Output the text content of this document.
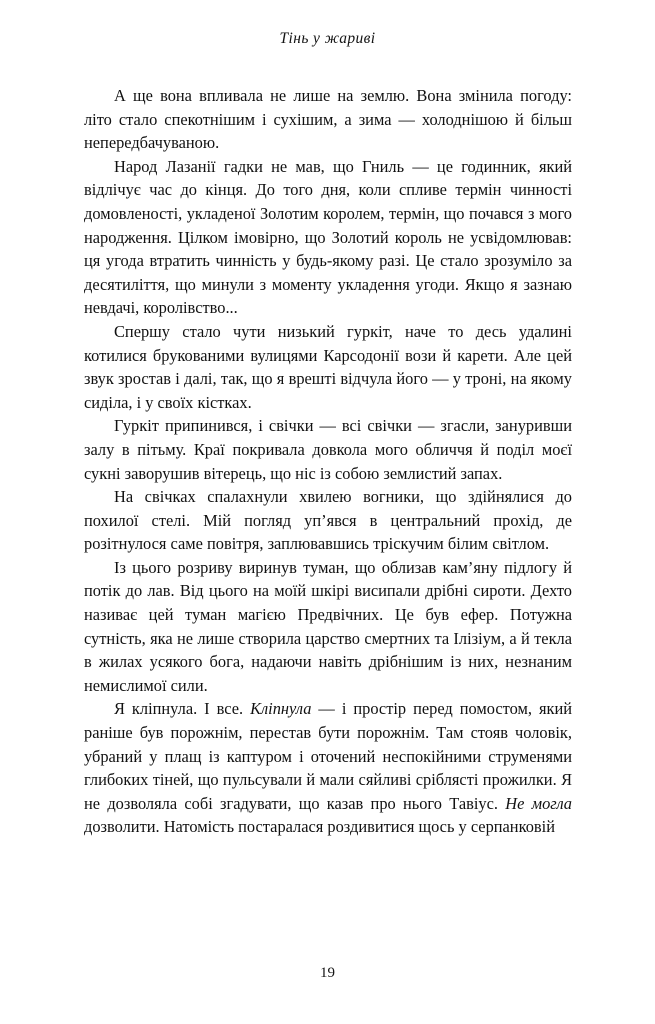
Тінь у жариві

А ще вона впливала не лише на землю. Вона змінила погоду: літо стало спекотнішим і сухішим, а зима — холоднішою й більш непередбачуваною.

Народ Лазанії гадки не мав, що Гниль — це годинник, який відлічує час до кінця. До того дня, коли спливе термін чинності домовленості, укладеної Золотим королем, термін, що почався з мого народження. Цілком імовірно, що Золотий король не усвідомлював: ця угода втратить чинність у будь-якому разі. Це стало зрозуміло за десятиліття, що минули з моменту укладення угоди. Якщо я зазнаю невдачі, королівство...

Спершу стало чути низький гуркіт, наче то десь удалині котилися брукованими вулицями Карсодонії вози й карети. Але цей звук зростав і далі, так, що я врешті відчула його — у троні, на якому сиділа, і у своїх кістках.

Гуркіт припинився, і свічки — всі свічки — згасли, зануривши залу в пітьму. Краї покривала довкола мого обличчя й поділ моєї сукні заворушив вітерець, що ніс із собою землистий запах.

На свічках спалахнули хвилею вогники, що здійнялися до похилої стелі. Мій погляд уп’явся в центральний прохід, де розітнулося саме повітря, заплювавшись тріскучим білим світлом.

Із цього розриву виринув туман, що облизав кам’яну підлогу й потік до лав. Від цього на моїй шкірі висипали дрібні сироти. Дехто називає цей туман магією Предвічних. Це був ефер. Потужна сутність, яка не лише створила царство смертних та Ілізіум, а й текла в жилах усякого бога, надаючи навіть дрібнішим із них, незнаним немислимої сили.

Я кліпнула. І все. Кліпнула — і простір перед помостом, який раніше був порожнім, перестав бути порожнім. Там стояв чоловік, убраний у плащ із каптуром і оточений неспокійними струменями глибоких тіней, що пульсували й мали сяйливі сріблясті прожилки. Я не дозволяла собі згадувати, що казав про нього Тавіус. Не могла дозволити. Натомість постаралася роздивитися щось у серпанковій

19
